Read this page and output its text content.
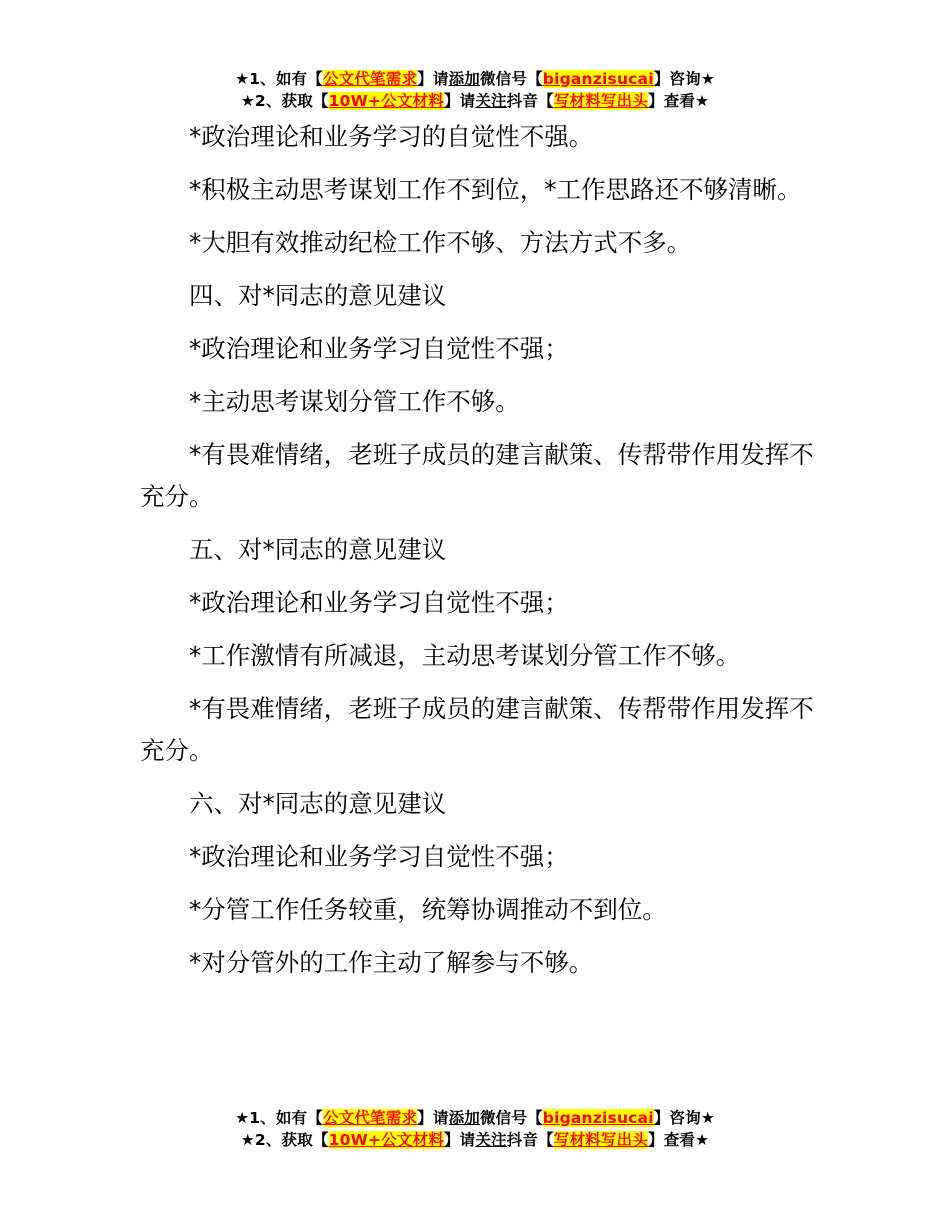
★1、如有【公文代笔需求】请添加微信号【biganzisucai】咨询★
★2、获取【10W+公文材料】请关注抖音【写材料写出头】查看★

*政治理论和业务学习的自觉性不强。

*积极主动思考谋划工作不到位，*工作思路还不够清晰。

*大胆有效推动纪检工作不够、方法方式不多。

四、对*同志的意见建议

*政治理论和业务学习自觉性不强；

*主动思考谋划分管工作不够。

*有畏难情绪，老班子成员的建言献策、传帮带作用发挥不充分。

五、对*同志的意见建议

*政治理论和业务学习自觉性不强；

*工作激情有所减退，主动思考谋划分管工作不够。

*有畏难情绪，老班子成员的建言献策、传帮带作用发挥不充分。

六、对*同志的意见建议

*政治理论和业务学习自觉性不强；

*分管工作任务较重，统筹协调推动不到位。

*对分管外的工作主动了解参与不够。

★1、如有【公文代笔需求】请添加微信号【biganzisucai】咨询★
★2、获取【10W+公文材料】请关注抖音【写材料写出头】查看★
